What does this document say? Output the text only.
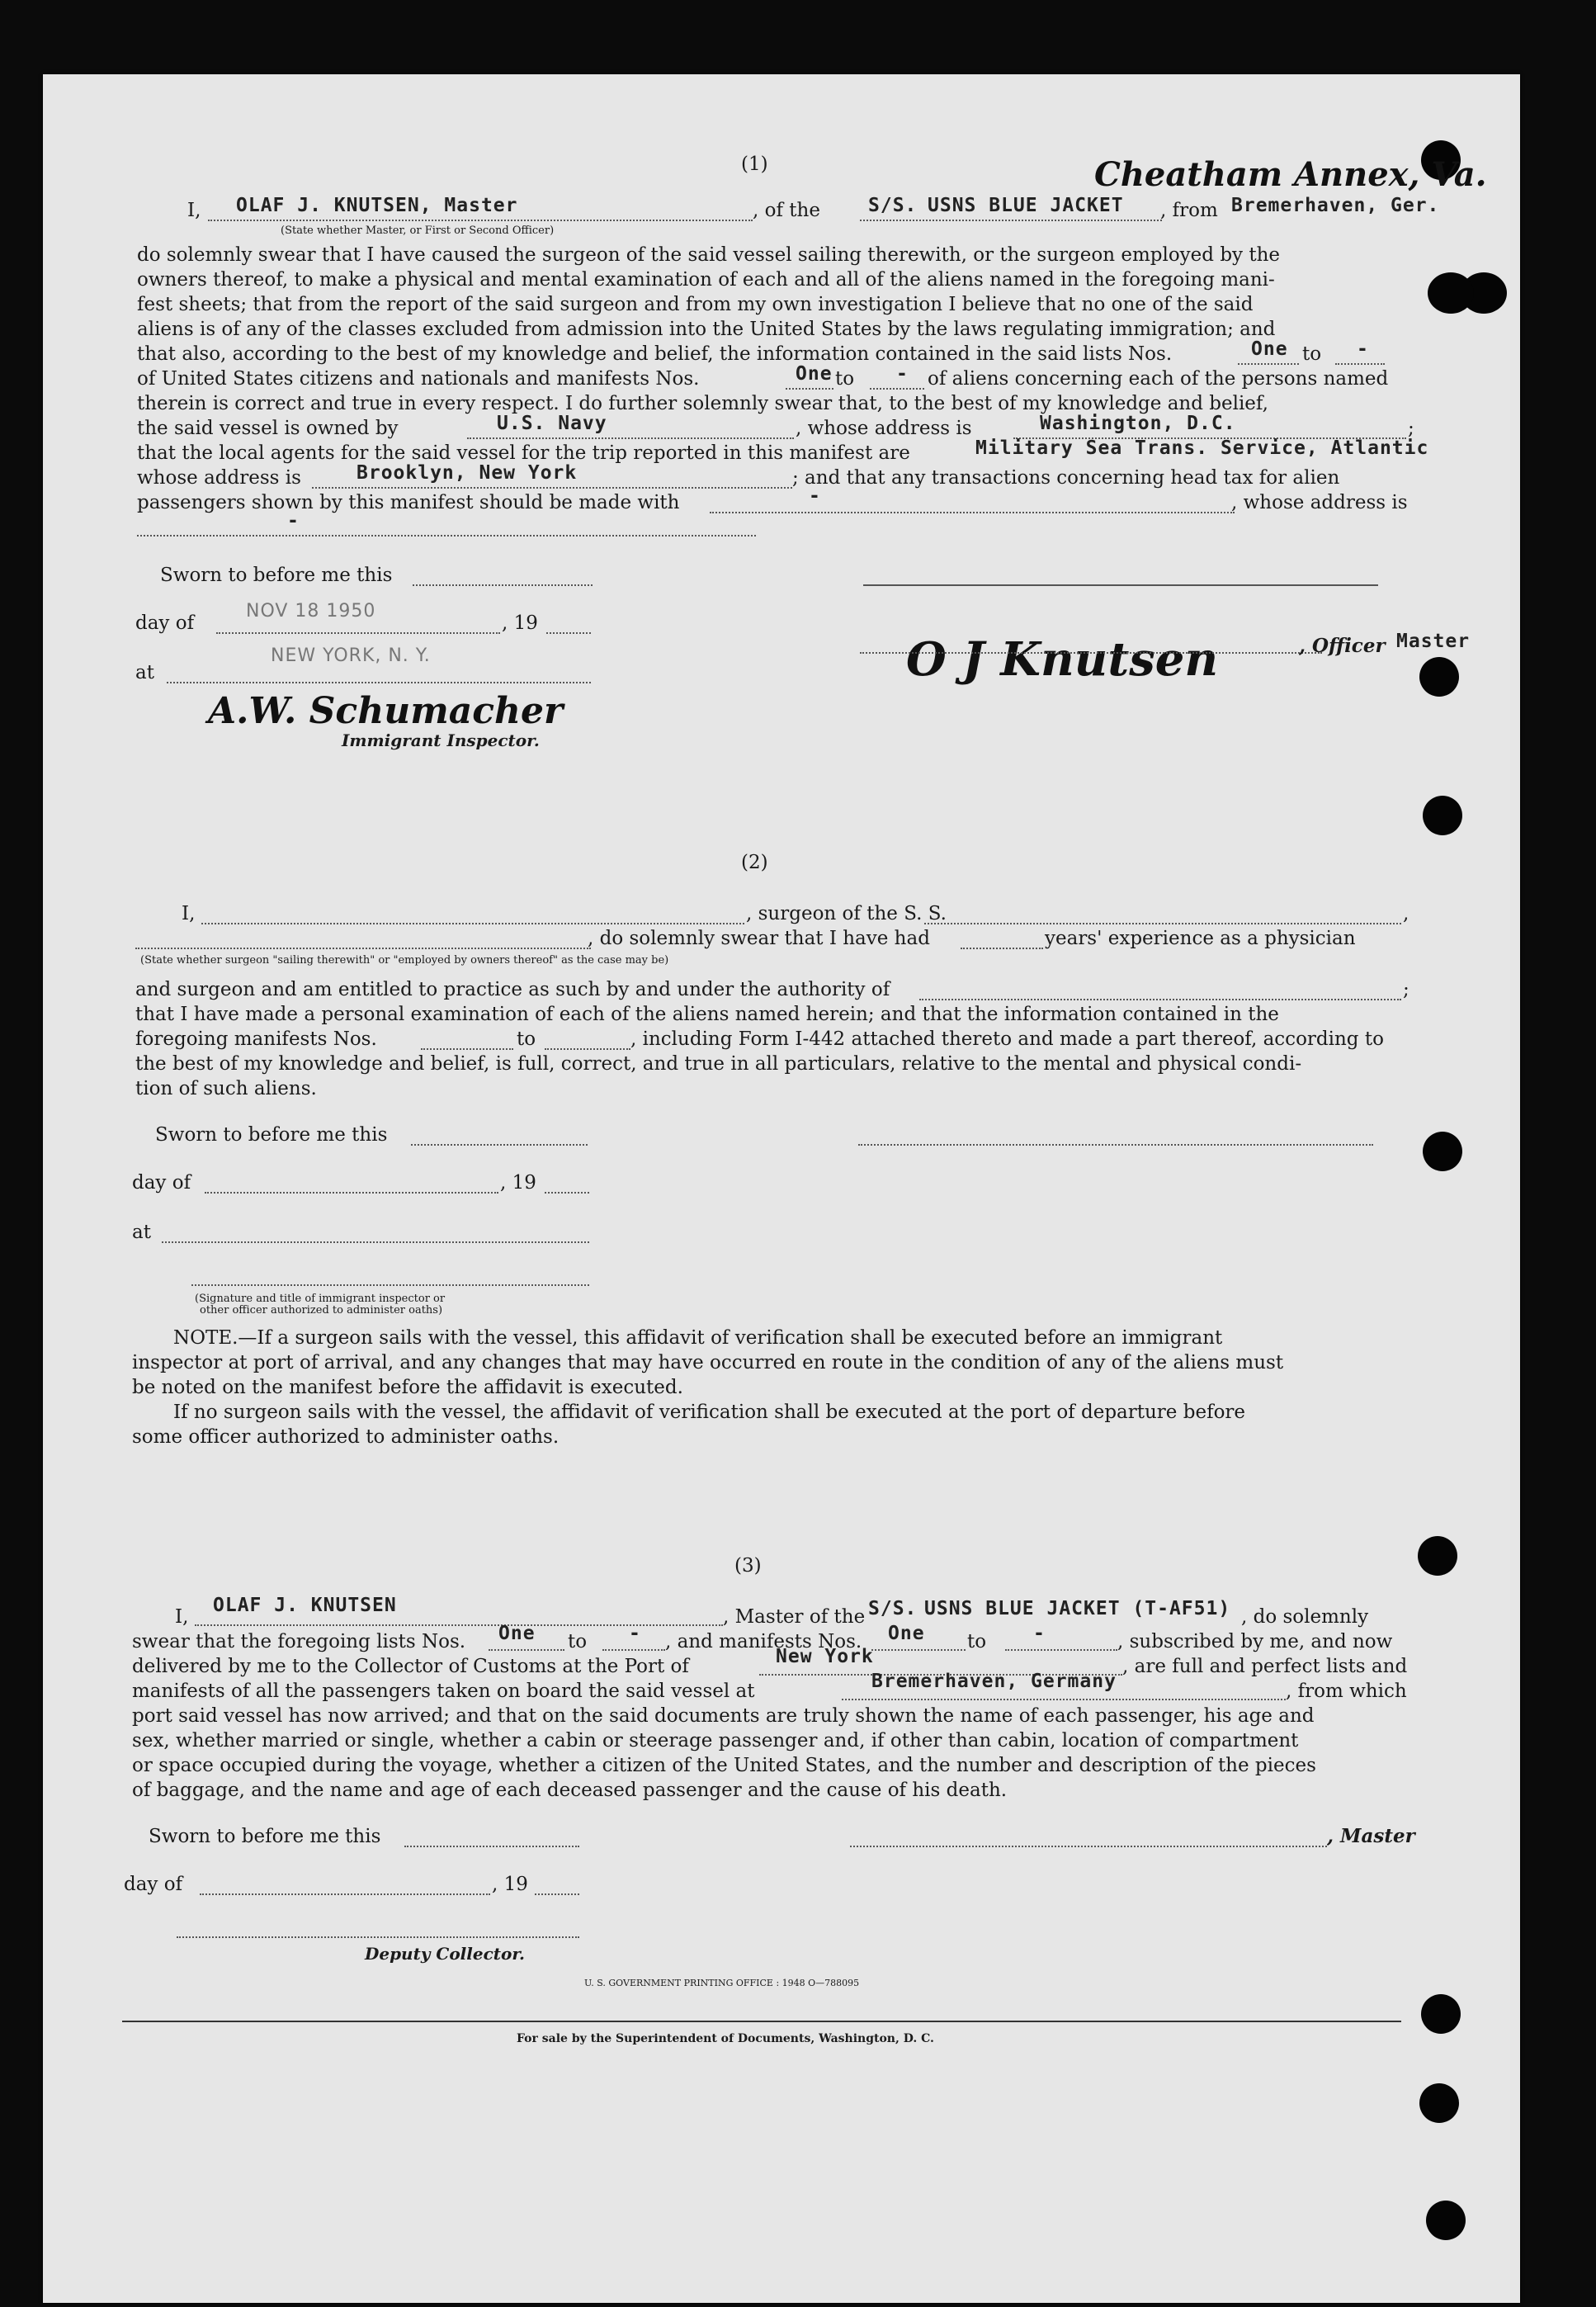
(1)	Cheatham Annex, Va.
I, OLAF J. KNUTSEN, Master	, of the	S/S. USNS BLUE JACKET , from Bremerhaven, Ger.
(State whether Master, or First or Second Officer)
do solemnly swear that I have caused the surgeon of the said vessel sailing therewith, or the surgeon employed by the
owners thereof, to make a physical and mental examination of each and all of the aliens named in the foregoing mani-
fest sheets; that from the report of the said surgeon and from my own investigation I believe that no one of the said
aliens is of any of the classes excluded from admission into the United States by the laws regulating immigration; and
that also, according to the best of my knowledge and belief, the information contained in the said lists Nos.	One to -
of United States citizens and nationals and manifests Nos.	One to - of aliens concerning each of the persons named
therein is correct and true in every respect. I do further solemnly swear that, to the best of my knowledge and belief,
the said vessel is owned by	U.S. Navy	, whose address is	Washington, D.C.	;
that the local agents for the said vessel for the trip reported in this manifest are	Military Sea Trans. Service, Atlantic
whose address is	Brooklyn, New York	; and that any transactions concerning head tax for alien
passengers shown by this manifest should be made with	-	, whose address is
-
Sworn to before me this
day of
NOV 18 1950
, 19
at
NEW YORK, N. Y.
A.W. Schumacher
Immigrant Inspector.
O J Knutsen	, Officer Master
(2)
I,	, surgeon of the S. S.	,
, do solemnly swear that I have had	years' experience as a physician
(State whether surgeon "sailing therewith" or "employed by owners thereof" as the case may be)
and surgeon and am entitled to practice as such by and under the authority of	;
that I have made a personal examination of each of the aliens named herein; and that the information contained in the
foregoing manifests Nos.	to	, including Form I-442 attached thereto and made a part thereof, according to
the best of my knowledge and belief, is full, correct, and true in all particulars, relative to the mental and physical condi-
tion of such aliens.
Sworn to before me this
day of	, 19
at
(Signature and title of immigrant inspector or
other officer authorized to administer oaths)
NOTE.—If a surgeon sails with the vessel, this affidavit of verification shall be executed before an immigrant
inspector at port of arrival, and any changes that may have occurred en route in the condition of any of the aliens must
be noted on the manifest before the affidavit is executed.
If no surgeon sails with the vessel, the affidavit of verification shall be executed at the port of departure before
some officer authorized to administer oaths.
(3)
I,
OLAF J. KNUTSEN
, Master of the S/S. USNS BLUE JACKET (T-AF51) , do solemnly
swear that the foregoing lists Nos. One to - , and manifests Nos. One to -	, subscribed by me, and now
delivered by me to the Collector of Customs at the Port of	New York	, are full and perfect lists and
manifests of all the passengers taken on board the said vessel at	Bremerhaven, Germany	, from which
port said vessel has now arrived; and that on the said documents are truly shown the name of each passenger, his age and
sex, whether married or single, whether a cabin or steerage passenger and, if other than cabin, location of compartment
or space occupied during the voyage, whether a citizen of the United States, and the number and description of the pieces
of baggage, and the name and age of each deceased passenger and the cause of his death.
Sworn to before me this	, Master
day of	, 19
Deputy Collector.
U. S. GOVERNMENT PRINTING OFFICE : 1948 O—788095
For sale by the Superintendent of Documents, Washington, D. C.
